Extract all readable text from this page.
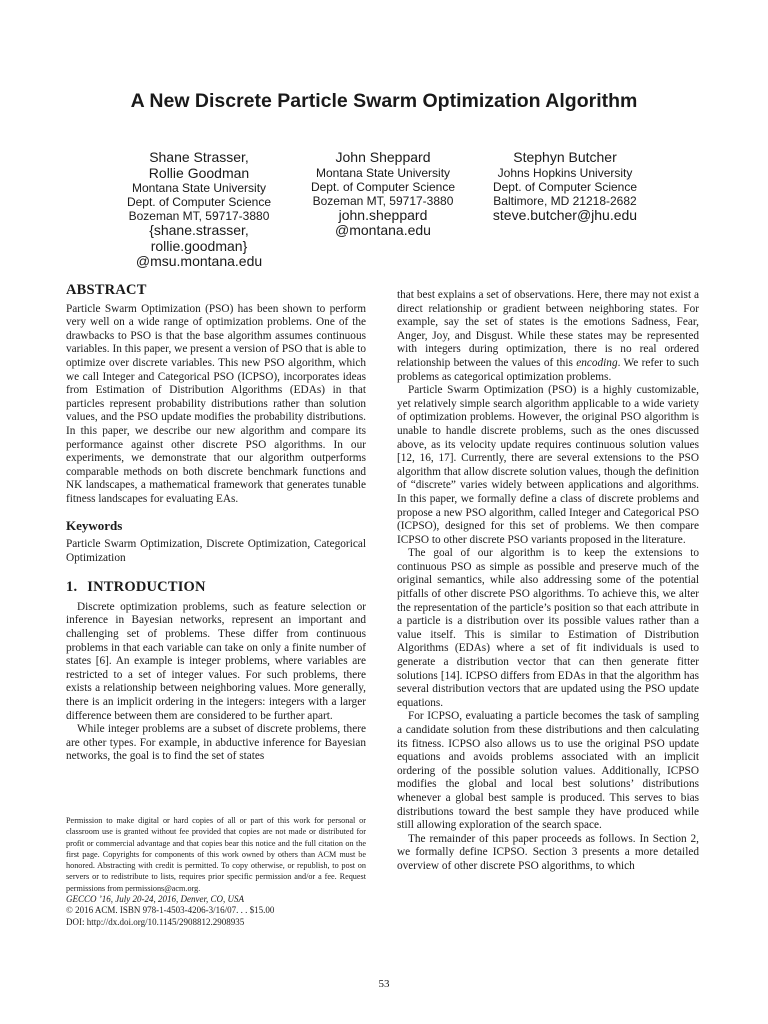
A New Discrete Particle Swarm Optimization Algorithm
Shane Strasser,
Rollie Goodman
Montana State University
Dept. of Computer Science
Bozeman MT, 59717-3880
{shane.strasser,
rollie.goodman}
@msu.montana.edu
John Sheppard
Montana State University
Dept. of Computer Science
Bozeman MT, 59717-3880
john.sheppard
@montana.edu
Stephyn Butcher
Johns Hopkins University
Dept. of Computer Science
Baltimore, MD 21218-2682
steve.butcher@jhu.edu
ABSTRACT

Particle Swarm Optimization (PSO) has been shown to perform very well on a wide range of optimization problems. One of the drawbacks to PSO is that the base algorithm assumes continuous variables. In this paper, we present a version of PSO that is able to optimize over discrete variables. This new PSO algorithm, which we call Integer and Categorical PSO (ICPSO), incorporates ideas from Estimation of Distribution Algorithms (EDAs) in that particles represent probability distributions rather than solution values, and the PSO update modifies the probability distributions. In this paper, we describe our new algorithm and compare its performance against other discrete PSO algorithms. In our experiments, we demonstrate that our algorithm outperforms comparable methods on both discrete benchmark functions and NK landscapes, a mathematical framework that generates tunable fitness landscapes for evaluating EAs.

Keywords

Particle Swarm Optimization, Discrete Optimization, Categorical Optimization

1. INTRODUCTION

Discrete optimization problems, such as feature selection or inference in Bayesian networks, represent an important and challenging set of problems. These differ from continuous problems in that each variable can take on only a finite number of states [6]. An example is integer problems, where variables are restricted to a set of integer values. For such problems, there exists a relationship between neighboring values. More generally, there is an implicit ordering in the integers: integers with a larger difference between them are considered to be further apart.

While integer problems are a subset of discrete problems, there are other types. For example, in abductive inference for Bayesian networks, the goal is to find the set of states

that best explains a set of observations. Here, there may not exist a direct relationship or gradient between neighboring states. For example, say the set of states is the emotions Sadness, Fear, Anger, Joy, and Disgust. While these states may be represented with integers during optimization, there is no real ordered relationship between the values of this encoding. We refer to such problems as categorical optimization problems.

Particle Swarm Optimization (PSO) is a highly customizable, yet relatively simple search algorithm applicable to a wide variety of optimization problems. However, the original PSO algorithm is unable to handle discrete problems, such as the ones discussed above, as its velocity update requires continuous solution values [12, 16, 17]. Currently, there are several extensions to the PSO algorithm that allow discrete solution values, though the definition of “discrete” varies widely between applications and algorithms. In this paper, we formally define a class of discrete problems and propose a new PSO algorithm, called Integer and Categorical PSO (ICPSO), designed for this set of problems. We then compare ICPSO to other discrete PSO variants proposed in the literature.

The goal of our algorithm is to keep the extensions to continuous PSO as simple as possible and preserve much of the original semantics, while also addressing some of the potential pitfalls of other discrete PSO algorithms. To achieve this, we alter the representation of the particle’s position so that each attribute in a particle is a distribution over its possible values rather than a value itself. This is similar to Estimation of Distribution Algorithms (EDAs) where a set of fit individuals is used to generate a distribution vector that can then generate fitter solutions [14]. ICPSO differs from EDAs in that the algorithm has several distribution vectors that are updated using the PSO update equations.

For ICPSO, evaluating a particle becomes the task of sampling a candidate solution from these distributions and then calculating its fitness. ICPSO also allows us to use the original PSO update equations and avoids problems associated with an implicit ordering of the possible solution values. Additionally, ICPSO modifies the global and local best solutions’ distributions whenever a global best sample is produced. This serves to bias distributions toward the best sample they have produced while still allowing exploration of the search space.

The remainder of this paper proceeds as follows. In Section 2, we formally define ICPSO. Section 3 presents a more detailed overview of other discrete PSO algorithms, to which

Permission to make digital or hard copies of all or part of this work for personal or classroom use is granted without fee provided that copies are not made or distributed for profit or commercial advantage and that copies bear this notice and the full citation on the first page. Copyrights for components of this work owned by others than ACM must be honored. Abstracting with credit is permitted. To copy otherwise, or republish, to post on servers or to redistribute to lists, requires prior specific permission and/or a fee. Request permissions from permissions@acm.org.

GECCO ’16, July 20-24, 2016, Denver, CO, USA

© 2016 ACM. ISBN 978-1-4503-4206-3/16/07. . . $15.00

DOI: http://dx.doi.org/10.1145/2908812.2908935

53
